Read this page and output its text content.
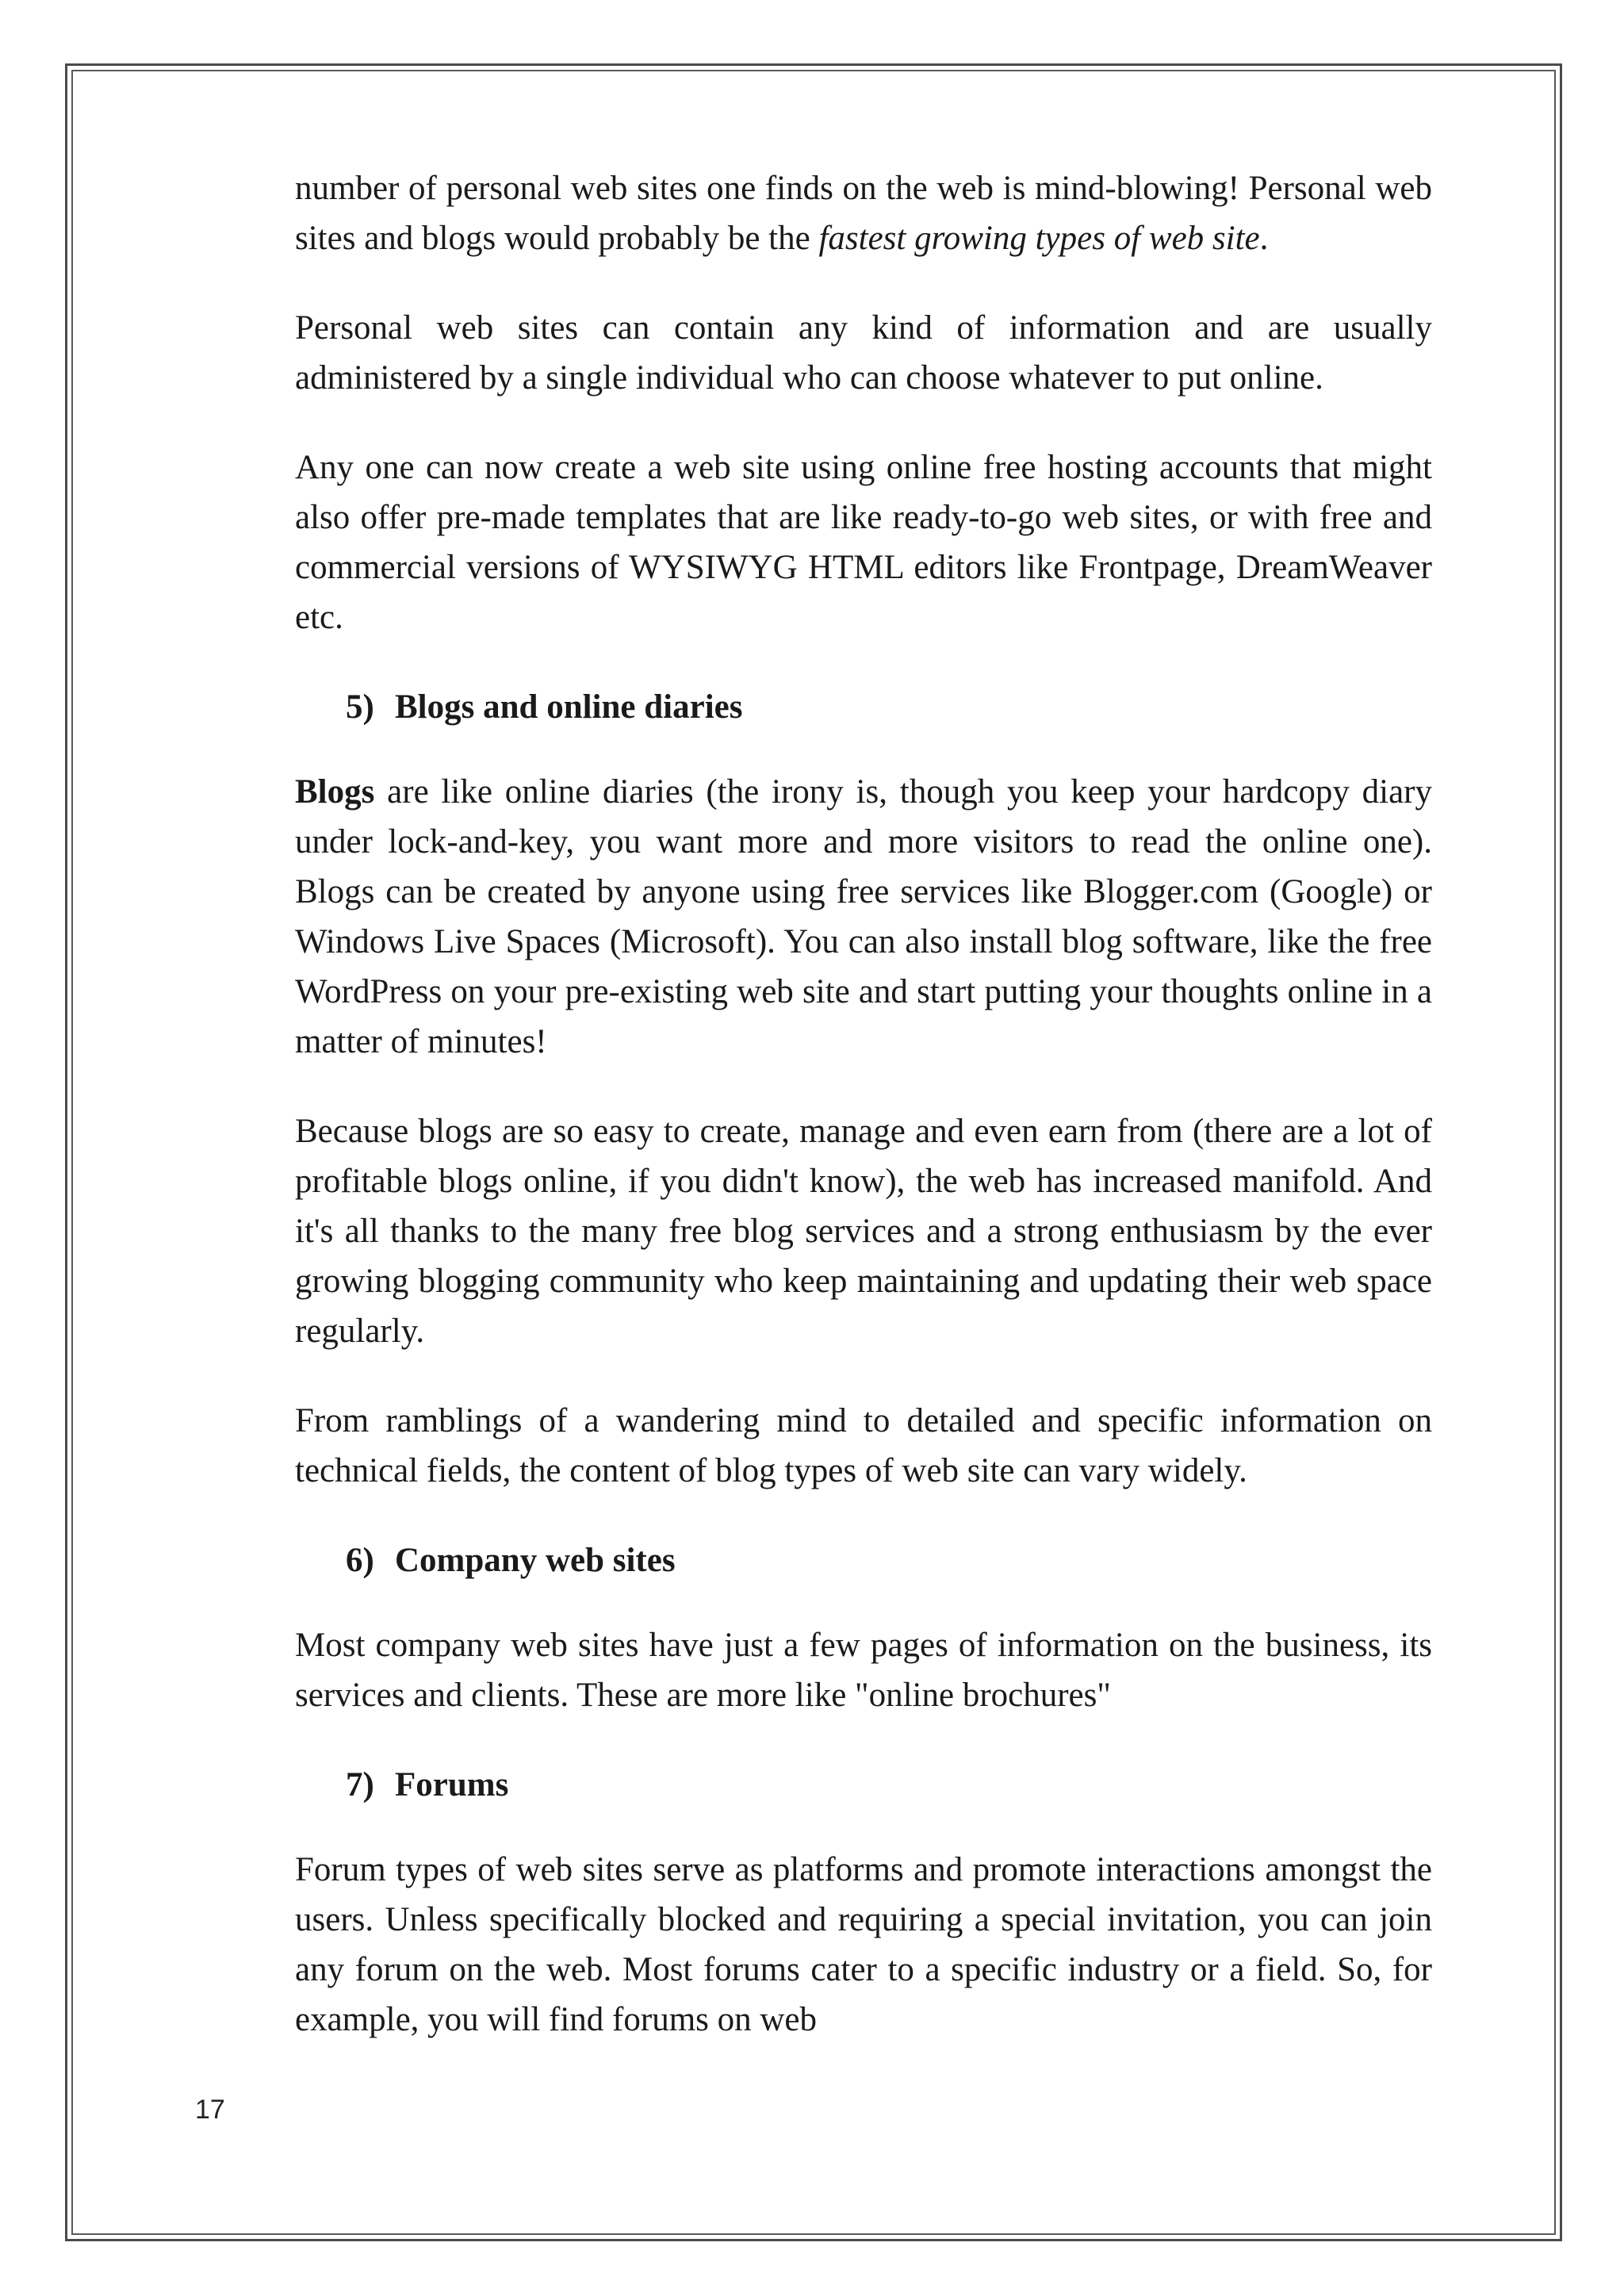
number of personal web sites one finds on the web is mind-blowing! Personal web sites and blogs would probably be the fastest growing types of web site.

Personal web sites can contain any kind of information and are usually administered by a single individual who can choose whatever to put online.

Any one can now create a web site using online free hosting accounts that might also offer pre-made templates that are like ready-to-go web sites, or with free and commercial versions of WYSIWYG HTML editors like Frontpage, DreamWeaver etc.

5) Blogs and online diaries

Blogs are like online diaries (the irony is, though you keep your hardcopy diary under lock-and-key, you want more and more visitors to read the online one). Blogs can be created by anyone using free services like Blogger.com (Google) or Windows Live Spaces (Microsoft). You can also install blog software, like the free WordPress on your pre-existing web site and start putting your thoughts online in a matter of minutes!

Because blogs are so easy to create, manage and even earn from (there are a lot of profitable blogs online, if you didn't know), the web has increased manifold. And it's all thanks to the many free blog services and a strong enthusiasm by the ever growing blogging community who keep maintaining and updating their web space regularly.

From ramblings of a wandering mind to detailed and specific information on technical fields, the content of blog types of web site can vary widely.

6) Company web sites

Most company web sites have just a few pages of information on the business, its services and clients. These are more like "online brochures"

7) Forums

Forum types of web sites serve as platforms and promote interactions amongst the users. Unless specifically blocked and requiring a special invitation, you can join any forum on the web. Most forums cater to a specific industry or a field. So, for example, you will find forums on web

17
